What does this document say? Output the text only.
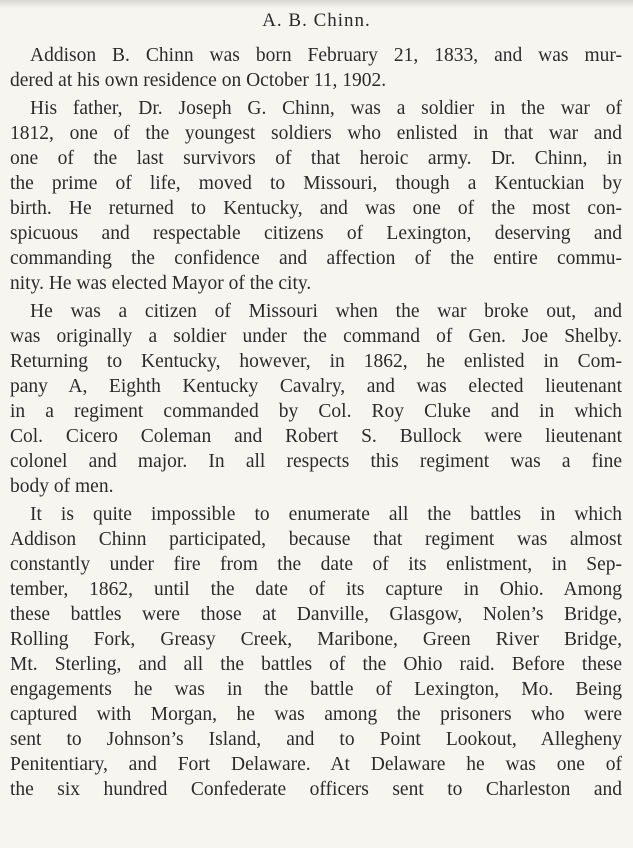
A. B. Chinn.
Addison B. Chinn was born February 21, 1833, and was mur-
dered at his own residence on October 11, 1902.
His father, Dr. Joseph G. Chinn, was a soldier in the war of
1812, one of the youngest soldiers who enlisted in that war and
one of the last survivors of that heroic army. Dr. Chinn, in
the prime of life, moved to Missouri, though a Kentuckian by
birth. He returned to Kentucky, and was one of the most con-
spicuous and respectable citizens of Lexington, deserving and
commanding the confidence and affection of the entire commu-
nity. He was elected Mayor of the city.
He was a citizen of Missouri when the war broke out, and
was originally a soldier under the command of Gen. Joe Shelby.
Returning to Kentucky, however, in 1862, he enlisted in Com-
pany A, Eighth Kentucky Cavalry, and was elected lieutenant
in a regiment commanded by Col. Roy Cluke and in which
Col. Cicero Coleman and Robert S. Bullock were lieutenant
colonel and major. In all respects this regiment was a fine
body of men.
It is quite impossible to enumerate all the battles in which
Addison Chinn participated, because that regiment was almost
constantly under fire from the date of its enlistment, in Sep-
tember, 1862, until the date of its capture in Ohio. Among
these battles were those at Danville, Glasgow, Nolen’s Bridge,
Rolling Fork, Greasy Creek, Maribone, Green River Bridge,
Mt. Sterling, and all the battles of the Ohio raid. Before these
engagements he was in the battle of Lexington, Mo. Being
captured with Morgan, he was among the prisoners who were
sent to Johnson’s Island, and to Point Lookout, Allegheny
Penitentiary, and Fort Delaware. At Delaware he was one of
the six hundred Confederate officers sent to Charleston and
